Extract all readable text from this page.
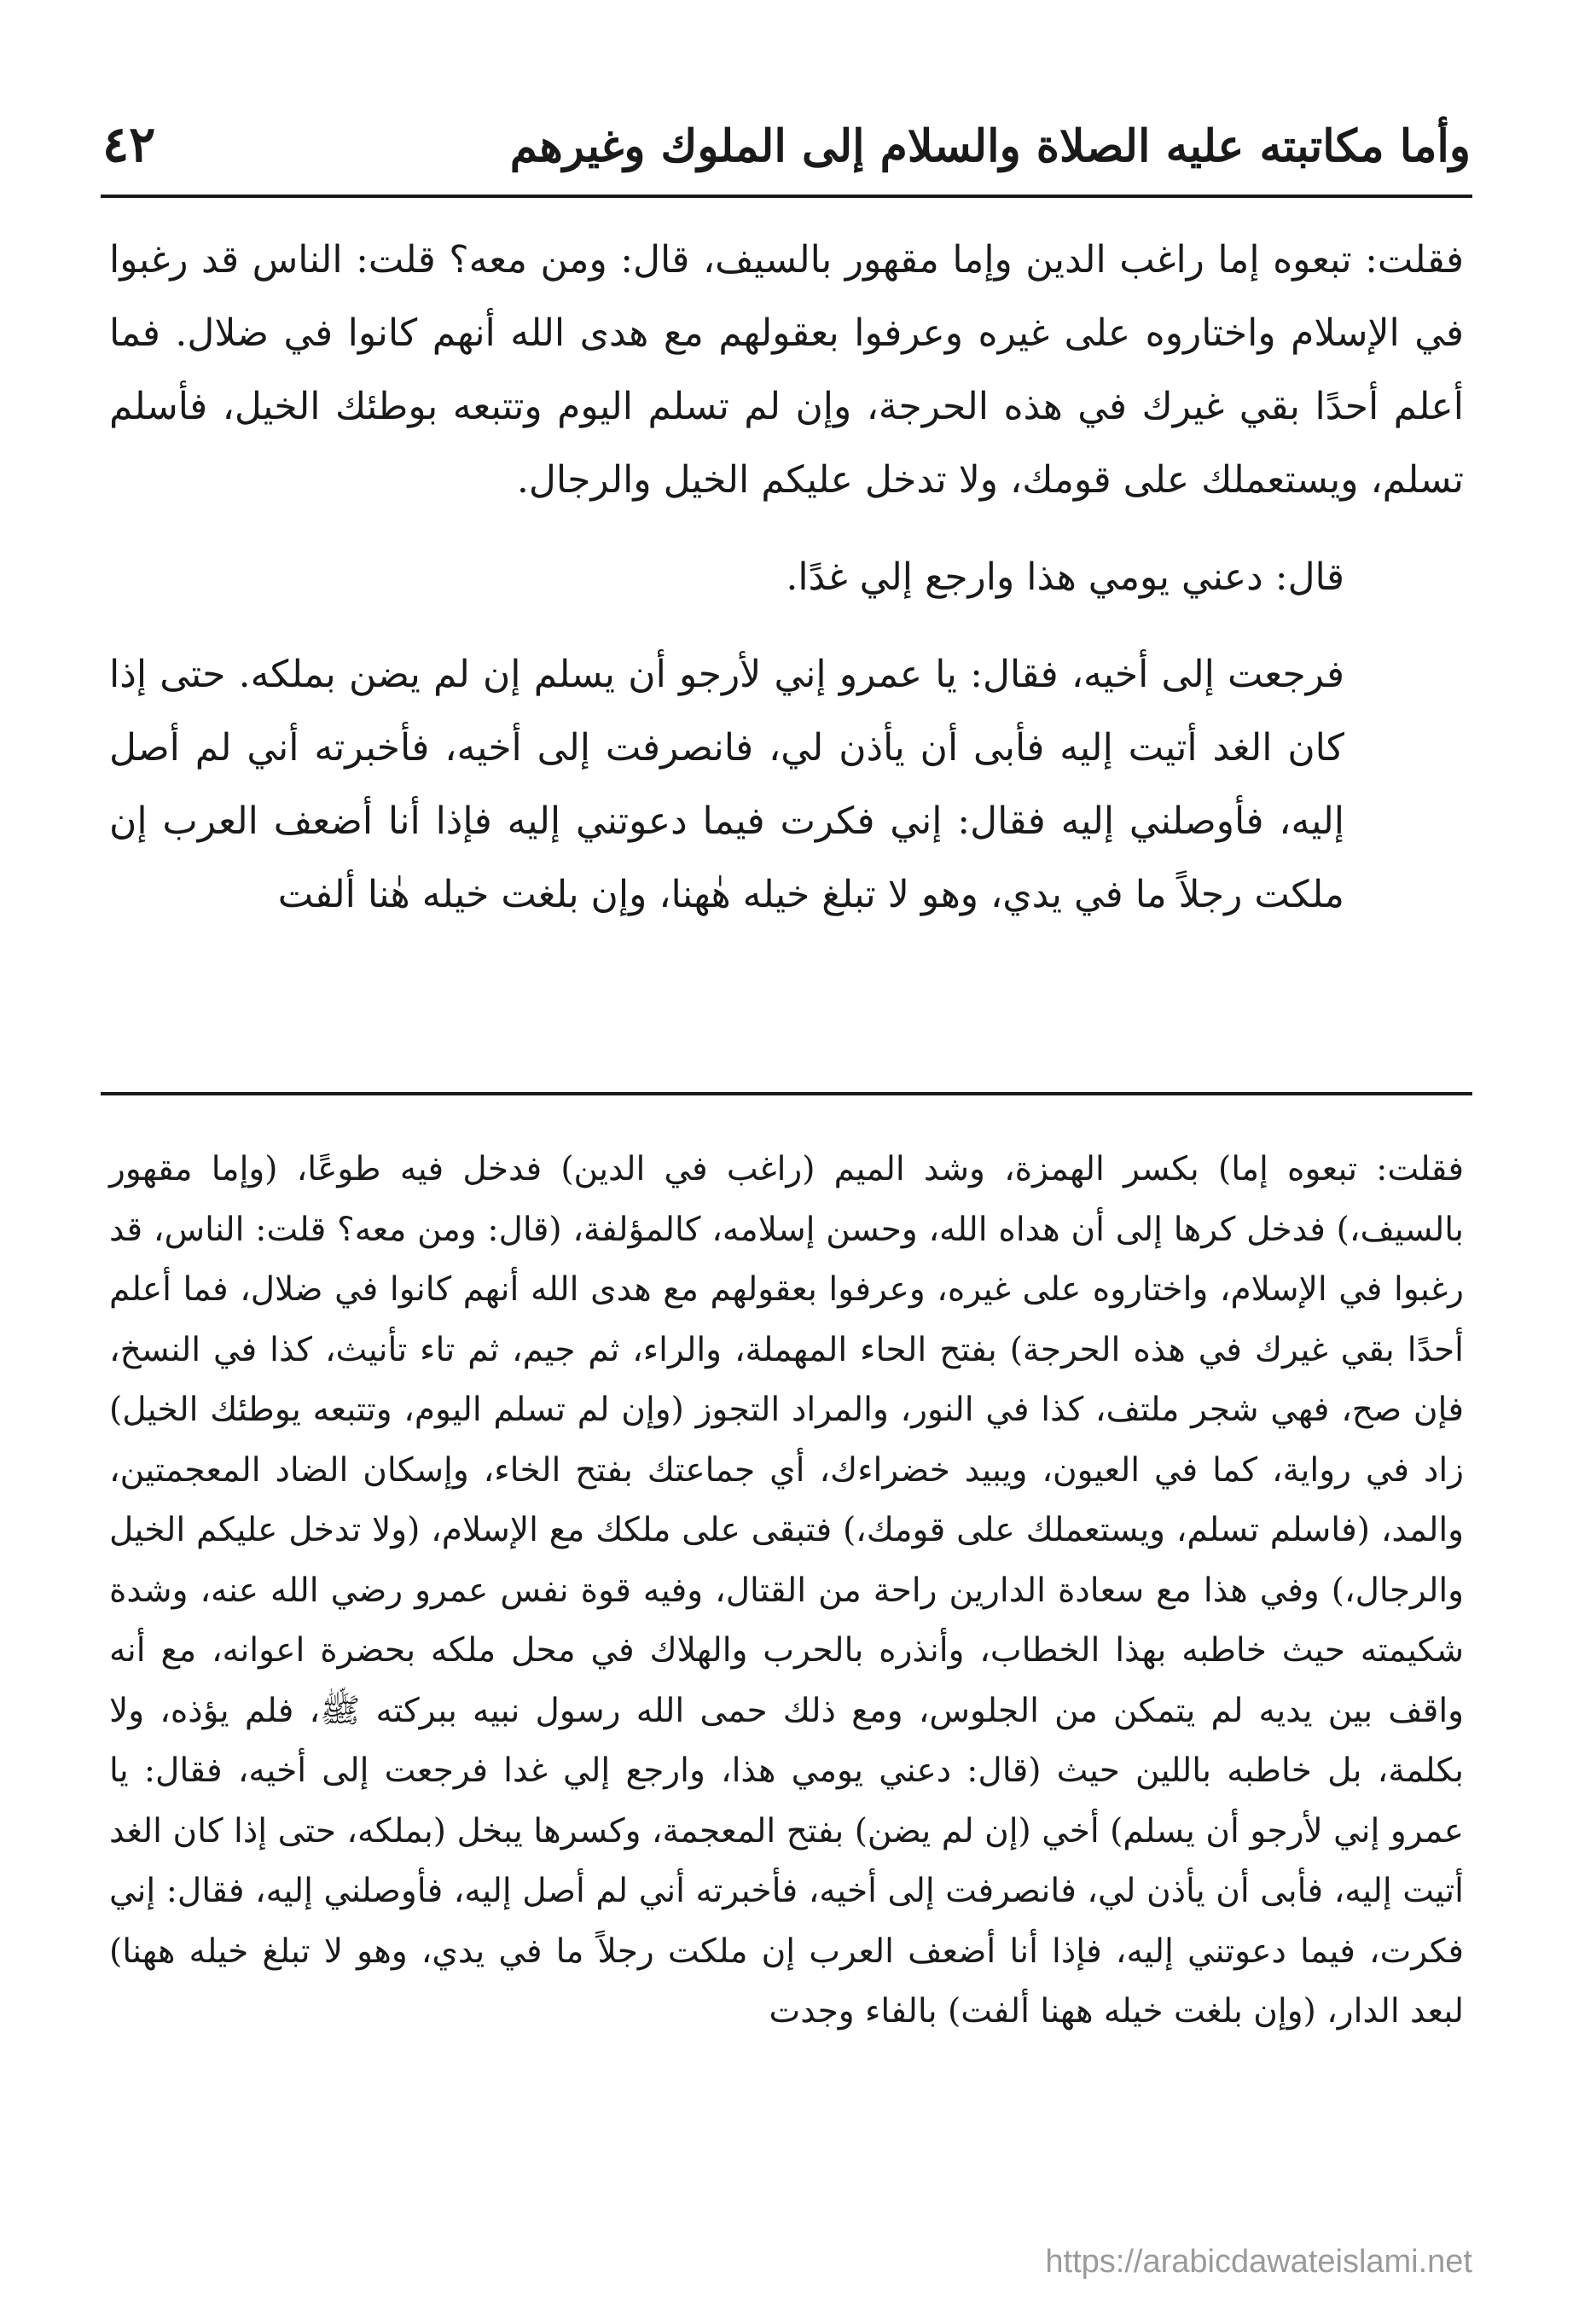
وأما مكاتبته عليه الصلاة والسلام إلى الملوك وغيرهم
٤٢

فقلت: تبعوه إما راغب الدين وإما مقهور بالسيف، قال: ومن معه؟ قلت: الناس قد رغبوا في الإسلام واختاروه على غيره وعرفوا بعقولهم مع هدى الله أنهم كانوا في ضلال. فما أعلم أحدًا بقي غيرك في هذه الحرجة، وإن لم تسلم اليوم وتتبعه بوطئك الخيل، فأسلم تسلم، ويستعملك على قومك، ولا تدخل عليكم الخيل والرجال.

قال: دعني يومي هذا وارجع إلي غدًا.

فرجعت إلى أخيه، فقال: يا عمرو إني لأرجو أن يسلم إن لم يضن بملكه. حتى إذا كان الغد أتيت إليه فأبى أن يأذن لي، فانصرفت إلى أخيه، فأخبرته أني لم أصل إليه، فأوصلني إليه فقال: إني فكرت فيما دعوتني إليه فإذا أنا أضعف العرب إن ملكت رجلاً ما في يدي، وهو لا تبلغ خيله هٰهنا، وإن بلغت خيله هٰنا ألفت

فقلت: تبعوه إما) بكسر الهمزة، وشد الميم (راغب في الدين) فدخل فيه طوعًا، (وإما مقهور بالسيف،) فدخل كرها إلى أن هداه الله، وحسن إسلامه، كالمؤلفة، (قال: ومن معه؟ قلت: الناس، قد رغبوا في الإسلام، واختاروه على غيره، وعرفوا بعقولهم مع هدى الله أنهم كانوا في ضلال، فما أعلم أحدًا بقي غيرك في هذه الحرجة) بفتح الحاء المهملة، والراء، ثم جيم، ثم تاء تأنيث، كذا في النسخ، فإن صح، فهي شجر ملتف، كذا في النور، والمراد التجوز (وإن لم تسلم اليوم، وتتبعه يوطئك الخيل) زاد في رواية، كما في العيون، ويبيد خضراءك، أي جماعتك بفتح الخاء، وإسكان الضاد المعجمتين، والمد، (فاسلم تسلم، ويستعملك على قومك،) فتبقى على ملكك مع الإسلام، (ولا تدخل عليكم الخيل والرجال،) وفي هذا مع سعادة الدارين راحة من القتال، وفيه قوة نفس عمرو رضي الله عنه، وشدة شكيمته حيث خاطبه بهذا الخطاب، وأنذره بالحرب والهلاك في محل ملكه بحضرة اعوانه، مع أنه واقف بين يديه لم يتمكن من الجلوس، ومع ذلك حمى الله رسول نبيه ببركته ﷺ، فلم يؤذه، ولا بكلمة، بل خاطبه باللين حيث (قال: دعني يومي هذا، وارجع إلي غدا فرجعت إلى أخيه، فقال: يا عمرو إني لأرجو أن يسلم) أخي (إن لم يضن) بفتح المعجمة، وكسرها يبخل (بملكه، حتى إذا كان الغد أتيت إليه، فأبى أن يأذن لي، فانصرفت إلى أخيه، فأخبرته أني لم أصل إليه، فأوصلني إليه، فقال: إني فكرت، فيما دعوتني إليه، فإذا أنا أضعف العرب إن ملكت رجلاً ما في يدي، وهو لا تبلغ خيله ههنا) لبعد الدار، (وإن بلغت خيله ههنا ألفت) بالفاء وجدت

https://arabicdawateislami.net
